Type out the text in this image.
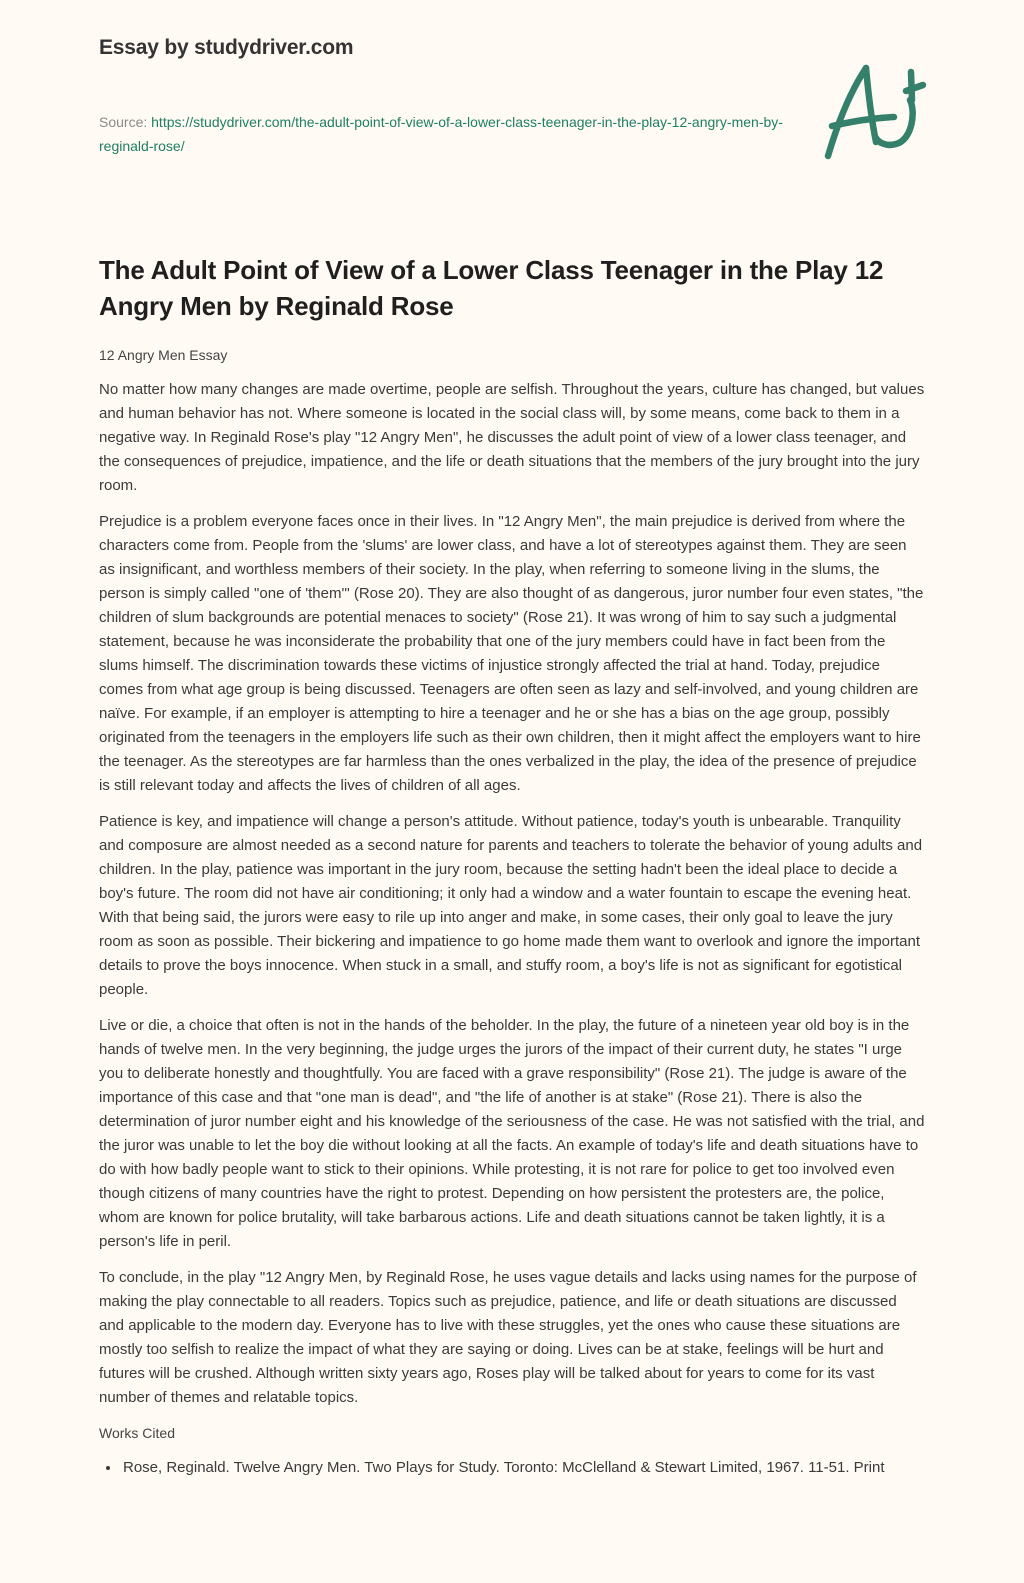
Essay by studydriver.com
Source: https://studydriver.com/the-adult-point-of-view-of-a-lower-class-teenager-in-the-play-12-angry-men-by-reginald-rose/
The Adult Point of View of a Lower Class Teenager in the Play 12 Angry Men by Reginald Rose
12 Angry Men Essay

No matter how many changes are made overtime, people are selfish. Throughout the years, culture has changed, but values and human behavior has not. Where someone is located in the social class will, by some means, come back to them in a negative way. In Reginald Rose's play "12 Angry Men", he discusses the adult point of view of a lower class teenager, and the consequences of prejudice, impatience, and the life or death situations that the members of the jury brought into the jury room.

Prejudice is a problem everyone faces once in their lives. In "12 Angry Men", the main prejudice is derived from where the characters come from. People from the 'slums' are lower class, and have a lot of stereotypes against them. They are seen as insignificant, and worthless members of their society. In the play, when referring to someone living in the slums, the person is simply called "one of 'them'" (Rose 20). They are also thought of as dangerous, juror number four even states, "the children of slum backgrounds are potential menaces to society" (Rose 21). It was wrong of him to say such a judgmental statement, because he was inconsiderate the probability that one of the jury members could have in fact been from the slums himself. The discrimination towards these victims of injustice strongly affected the trial at hand. Today, prejudice comes from what age group is being discussed. Teenagers are often seen as lazy and self-involved, and young children are naïve. For example, if an employer is attempting to hire a teenager and he or she has a bias on the age group, possibly originated from the teenagers in the employers life such as their own children, then it might affect the employers want to hire the teenager. As the stereotypes are far harmless than the ones verbalized in the play, the idea of the presence of prejudice is still relevant today and affects the lives of children of all ages.

Patience is key, and impatience will change a person's attitude. Without patience, today's youth is unbearable. Tranquility and composure are almost needed as a second nature for parents and teachers to tolerate the behavior of young adults and children. In the play, patience was important in the jury room, because the setting hadn't been the ideal place to decide a boy's future. The room did not have air conditioning; it only had a window and a water fountain to escape the evening heat. With that being said, the jurors were easy to rile up into anger and make, in some cases, their only goal to leave the jury room as soon as possible. Their bickering and impatience to go home made them want to overlook and ignore the important details to prove the boys innocence. When stuck in a small, and stuffy room, a boy's life is not as significant for egotistical people.

Live or die, a choice that often is not in the hands of the beholder. In the play, the future of a nineteen year old boy is in the hands of twelve men. In the very beginning, the judge urges the jurors of the impact of their current duty, he states "I urge you to deliberate honestly and thoughtfully. You are faced with a grave responsibility" (Rose 21). The judge is aware of the importance of this case and that "one man is dead", and "the life of another is at stake" (Rose 21). There is also the determination of juror number eight and his knowledge of the seriousness of the case. He was not satisfied with the trial, and the juror was unable to let the boy die without looking at all the facts. An example of today's life and death situations have to do with how badly people want to stick to their opinions. While protesting, it is not rare for police to get too involved even though citizens of many countries have the right to protest. Depending on how persistent the protesters are, the police, whom are known for police brutality, will take barbarous actions. Life and death situations cannot be taken lightly, it is a person's life in peril.

To conclude, in the play "12 Angry Men, by Reginald Rose, he uses vague details and lacks using names for the purpose of making the play connectable to all readers. Topics such as prejudice, patience, and life or death situations are discussed and applicable to the modern day. Everyone has to live with these struggles, yet the ones who cause these situations are mostly too selfish to realize the impact of what they are saying or doing. Lives can be at stake, feelings will be hurt and futures will be crushed. Although written sixty years ago, Roses play will be talked about for years to come for its vast number of themes and relatable topics.

Works Cited
• Rose, Reginald. Twelve Angry Men. Two Plays for Study. Toronto: McClelland & Stewart Limited, 1967. 11-51. Print
